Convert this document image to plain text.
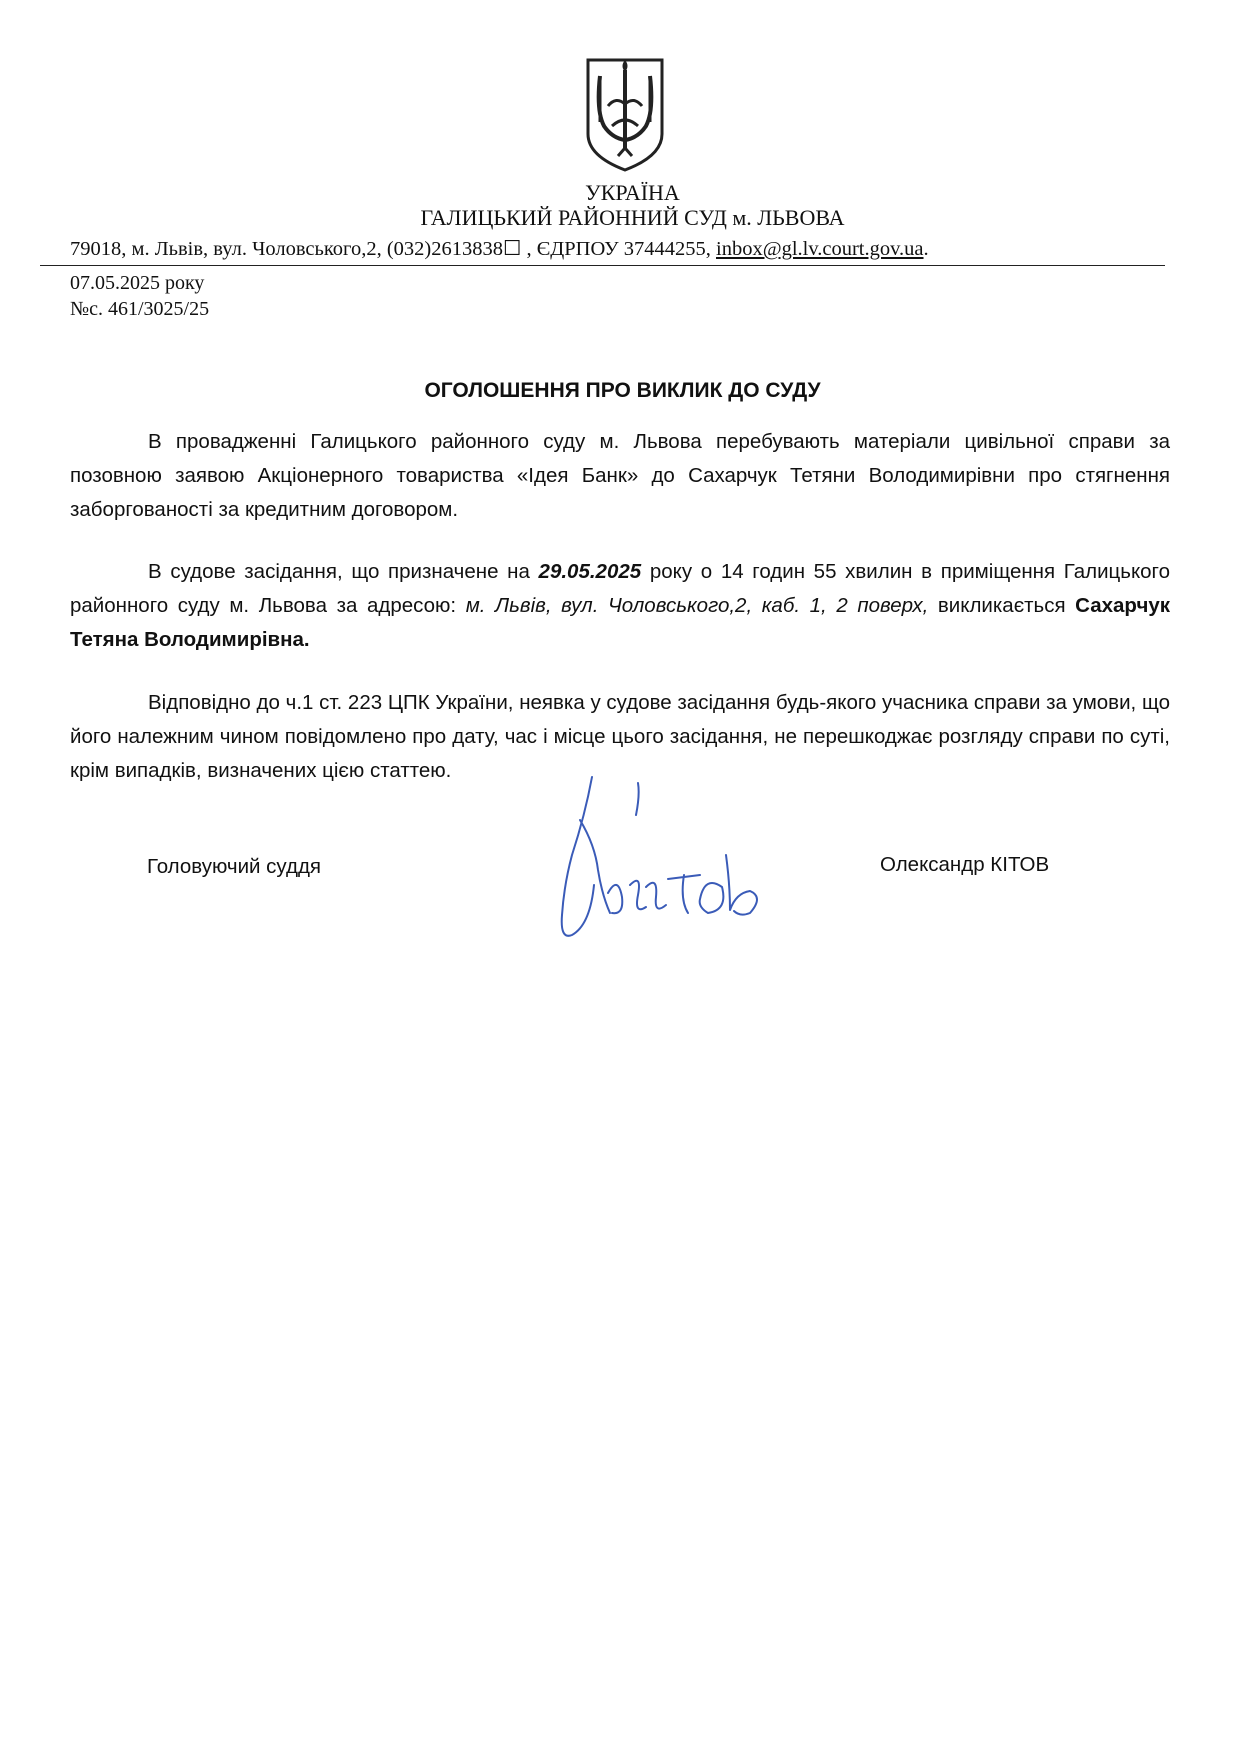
УКРАЇНА
ГАЛИЦЬКИЙ РАЙОННИЙ СУД м. ЛЬВОВА
79018, м. Львів, вул. Чоловського,2, (032)2613838☐ , ЄДРПОУ 37444255, inbox@gl.lv.court.gov.ua.
07.05.2025 року
№с. 461/3025/25
ОГОЛОШЕННЯ ПРО ВИКЛИК ДО СУДУ

В провадженні Галицького районного суду м. Львова перебувають матеріали цивільної справи за позовною заявою Акціонерного товариства «Ідея Банк» до Сахарчук Тетяни Володимирівни про стягнення заборгованості за кредитним договором.

В судове засідання, що призначене на 29.05.2025 року о 14 годин 55 хвилин в приміщення Галицького районного суду м. Львова за адресою: м. Львів, вул. Чоловського,2, каб. 1, 2 поверх, викликається Сахарчук Тетяна Володимирівна.

Відповідно до ч.1 ст. 223 ЦПК України, неявка у судове засідання будь-якого учасника справи за умови, що його належним чином повідомлено про дату, час і місце цього засідання, не перешкоджає розгляду справи по суті, крім випадків, визначених цією статтею.

Головуючий суддя	Олександр КІТОВ
